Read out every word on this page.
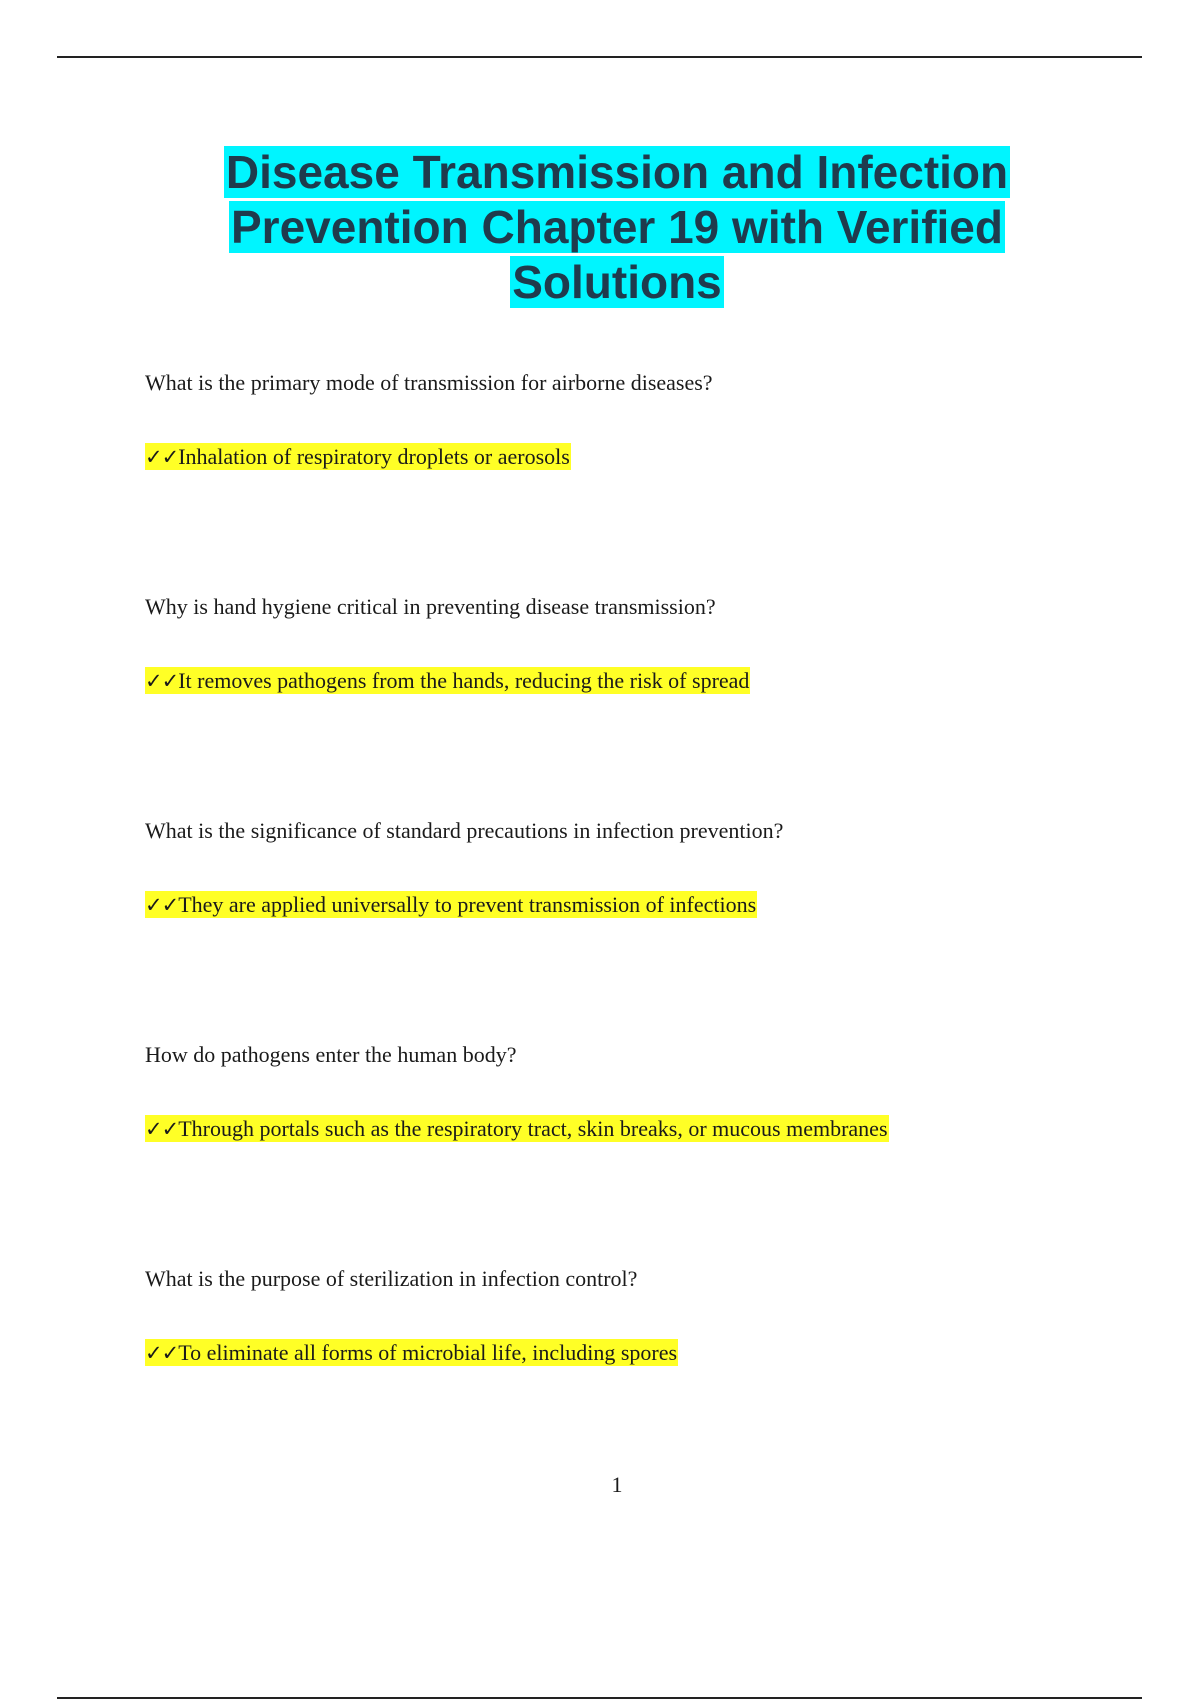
Disease Transmission and Infection
Prevention Chapter 19 with Verified
Solutions
What is the primary mode of transmission for airborne diseases?
✓✓Inhalation of respiratory droplets or aerosols
Why is hand hygiene critical in preventing disease transmission?
✓✓It removes pathogens from the hands, reducing the risk of spread
What is the significance of standard precautions in infection prevention?
✓✓They are applied universally to prevent transmission of infections
How do pathogens enter the human body?
✓✓Through portals such as the respiratory tract, skin breaks, or mucous membranes
What is the purpose of sterilization in infection control?
✓✓To eliminate all forms of microbial life, including spores
1
